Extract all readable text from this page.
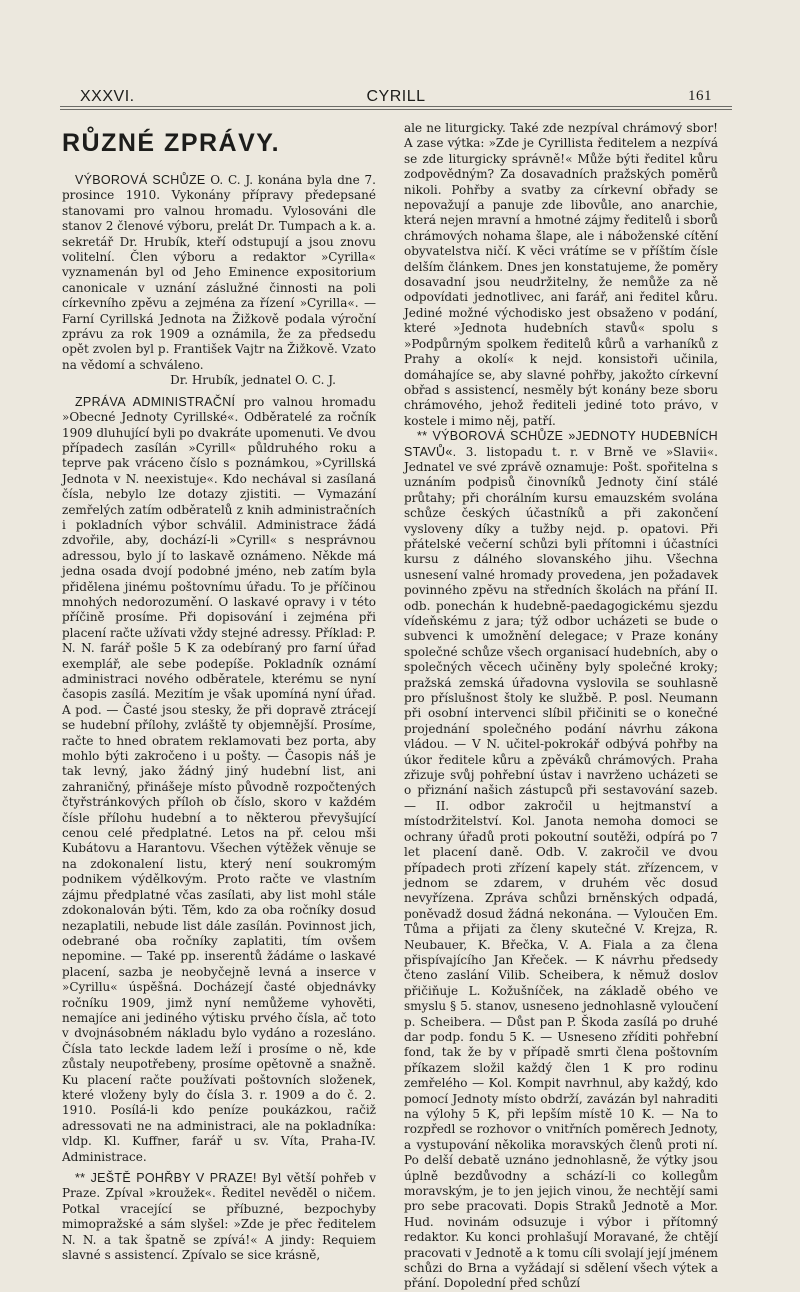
XXXVI.	CYRILL	161
RŮZNÉ ZPRÁVY.

VÝBOROVÁ SCHŮZE O. C. J. konána byla dne 7. prosince 1910. Vykonány přípravy předepsané stanovami pro valnou hromadu. Vylosováni dle stanov 2 členové výboru, prelát Dr. Tumpach a k. a. sekretář Dr. Hrubík, kteří odstupují a jsou znovu volitelní. Člen výboru a redaktor »Cyrilla« vyznamenán byl od Jeho Eminence expositorium canonicale v uznání záslužné činnosti na poli církevního zpěvu a zejména za řízení »Cyrilla«. — Farní Cyrillská Jednota na Žižkově podala výroční zprávu za rok 1909 a oznámila, že za předsedu opět zvolen byl p. František Vajtr na Žižkově. Vzato na vědomí a schváleno.

Dr. Hrubík, jednatel O. C. J.

ZPRÁVA ADMINISTRAČNÍ pro valnou hromadu »Obecné Jednoty Cyrillské«. Odběratelé za ročník 1909 dluhující byli po dvakráte upomenuti. Ve dvou případech zasílán »Cyrill« půldruhého roku a teprve pak vráceno číslo s poznámkou, »Cyrillská Jednota v N. neexistuje«. Kdo nechával si zasílaná čísla, nebylo lze dotazy zjistiti. — Vymazání zemřelých zatím odběratelů z knih administračních i pokladních výbor schválil. Administrace žádá zdvořile, aby, dochází-li »Cyrill« s nesprávnou adressou, bylo jí to laskavě oznámeno. Někde má jedna osada dvojí podobné jméno, neb zatím byla přidělena jinému poštovnímu úřadu. To je příčinou mnohých nedorozumění. O laskavé opravy i v této příčině prosíme. Při dopisování i zejména při placení račte užívati vždy stejné adressy. Příklad: P. N. N. farář pošle 5 K za odebíraný pro farní úřad exemplář, ale sebe podepíše. Pokladník oznámí administraci nového odběratele, kterému se nyní časopis zasílá. Mezitím je však upomíná nyní úřad. A pod. — Časté jsou stesky, že při dopravě ztrácejí se hudební přílohy, zvláště ty objemnější. Prosíme, račte to hned obratem reklamovati bez porta, aby mohlo býti zakročeno i u pošty. — Časopis náš je tak levný, jako žádný jiný hudební list, ani zahraničný, přinášeje místo původně rozpočtených čtyřstránkových příloh ob číslo, skoro v každém čísle přílohu hudební a to některou převyšující cenou celé předplatné. Letos na př. celou mši Kubátovu a Harantovu. Všechen výtěžek věnuje se na zdokonalení listu, který není soukromým podnikem výdělkovým. Proto račte ve vlastním zájmu předplatné včas zasílati, aby list mohl stále zdokonalován býti. Těm, kdo za oba ročníky dosud nezaplatili, nebude list dále zasílán. Povinnost jich, odebrané oba ročníky zaplatiti, tím ovšem nepomine. — Také pp. inserentů žádáme o laskavé placení, sazba je neobyčejně levná a inserce v »Cyrillu« úspěšná. Docházejí časté objednávky ročníku 1909, jimž nyní nemůžeme vyhověti, nemajíce ani jediného výtisku prvého čísla, ač toto v dvojnásobném nákladu bylo vydáno a rozesláno. Čísla tato leckde ladem leží i prosíme o ně, kde zůstaly neupotřebeny, prosíme opětovně a snažně. Ku placení račte používati poštovních složenek, které vloženy byly do čísla 3. r. 1909 a do č. 2. 1910. Posílá-li kdo peníze poukázkou, račiž adressovati ne na administraci, ale na pokladníka: vldp. Kl. Kuffner, farář u sv. Víta, Praha-IV. Administrace.

** JEŠTĚ POHŘBY V PRAZE! Byl větší pohřeb v Praze. Zpíval »kroužek«. Ředitel nevěděl o ničem. Potkal vracející se příbuzné, bezpochyby mimopražské a sám slyšel: »Zde je přec ředitelem N. N. a tak špatně se zpívá!« A jindy: Requiem slavné s assistencí. Zpívalo se sice krásně,

ale ne liturgicky. Také zde nezpíval chrámový sbor! A zase výtka: »Zde je Cyrillista ředitelem a nezpívá se zde liturgicky správně!« Může býti ředitel kůru zodpovědným? Za dosavadních pražských poměrů nikoli. Pohřby a svatby za církevní obřady se nepovažují a panuje zde libovůle, ano anarchie, která nejen mravní a hmotné zájmy ředitelů i sborů chrámových nohama šlape, ale i náboženské cítění obyvatelstva ničí. K věci vrátíme se v příštím čísle delším článkem. Dnes jen konstatujeme, že poměry dosavadní jsou neudržitelny, že nemůže za ně odpovídati jednotlivec, ani farář, ani ředitel kůru. Jediné možné východisko jest obsaženo v podání, které »Jednota hudebních stavů« spolu s »Podpůrným spolkem ředitelů kůrů a varhaníků z Prahy a okolí« k nejd. konsistoři učinila, domáhajíce se, aby slavné pohřby, jakožto církevní obřad s assistencí, nesměly být konány beze sboru chrámového, jehož řediteli jediné toto právo, v kostele i mimo něj, patří.

** VÝBOROVÁ SCHŮZE »JEDNOTY HUDEBNÍCH STAVŮ«. 3. listopadu t. r. v Brně ve »Slavii«. Jednatel ve své zprávě oznamuje: Pošt. spořitelna s uznáním podpisů činovníků Jednoty činí stálé průtahy; při chorálním kursu emauzském svolána schůze českých účastníků a při zakončení vysloveny díky a tužby nejd. p. opatovi. Při přátelské večerní schůzi byli přítomni i účastníci kursu z dálného slovanského jihu. Všechna usnesení valné hromady provedena, jen požadavek povinného zpěvu na středních školách na přání II. odb. ponechán k hudebně-paedagogickému sjezdu vídeňskému z jara; týž odbor ucházeti se bude o subvenci k umožnění delegace; v Praze konány společné schůze všech organisací hudebních, aby o společných věcech učiněny byly společné kroky; pražská zemská úřadovna vyslovila se souhlasně pro příslušnost štoly ke službě. P. posl. Neumann při osobní intervenci slíbil přičiniti se o konečné projednání společného podání návrhu zákona vládou. — V N. učitel-pokrokář odbývá pohřby na úkor ředitele kůru a zpěváků chrámových. Praha zřizuje svůj pohřební ústav i navrženo ucházeti se o přiznání našich zástupců při sestavování sazeb. — II. odbor zakročil u hejtmanství a místodržitelství. Kol. Janota nemoha domoci se ochrany úřadů proti pokoutní soutěži, odpírá po 7 let placení daně. Odb. V. zakročil ve dvou případech proti zřízení kapely stát. zřízencem, v jednom se zdarem, v druhém věc dosud nevyřízena. Zpráva schůzi brněnských odpadá, poněvadž dosud žádná nekonána. — Vyloučen Em. Tůma a přijati za členy skutečné V. Krejza, R. Neubauer, K. Břečka, V. A. Fiala a za člena přispívajícího Jan Křeček. — K návrhu předsedy čteno zaslání Vilib. Scheibera, k němuž doslov přičiňuje L. Kožušníček, na základě obého ve smyslu § 5. stanov, usneseno jednohlasně vyloučení p. Scheibera. — Důst pan P. Škoda zasílá po druhé dar podp. fondu 5 K. — Usneseno zříditi pohřební fond, tak že by v případě smrti člena poštovním příkazem složil každý člen 1 K pro rodinu zemřelého — Kol. Kompit navrhnul, aby každý, kdo pomocí Jednoty místo obdrží, zavázán byl nahraditi na výlohy 5 K, při lepším místě 10 K. — Na to rozpředl se rozhovor o vnitřních poměrech Jednoty, a vystupování několika moravských členů proti ní. Po delší debatě uznáno jednohlasně, že výtky jsou úplně bezdůvodny a schází-li co kollegům moravským, je to jen jejich vinou, že nechtějí sami pro sebe pracovati. Dopis Straků Jednotě a Mor. Hud. novinám odsuzuje i výbor i přítomný redaktor. Ku konci prohlašují Moravané, že chtějí pracovati v Jednotě a k tomu cíli svolají její jménem schůzi do Brna a vyžádají si sdělení všech výtek a přání. Dopolední před schůzí
